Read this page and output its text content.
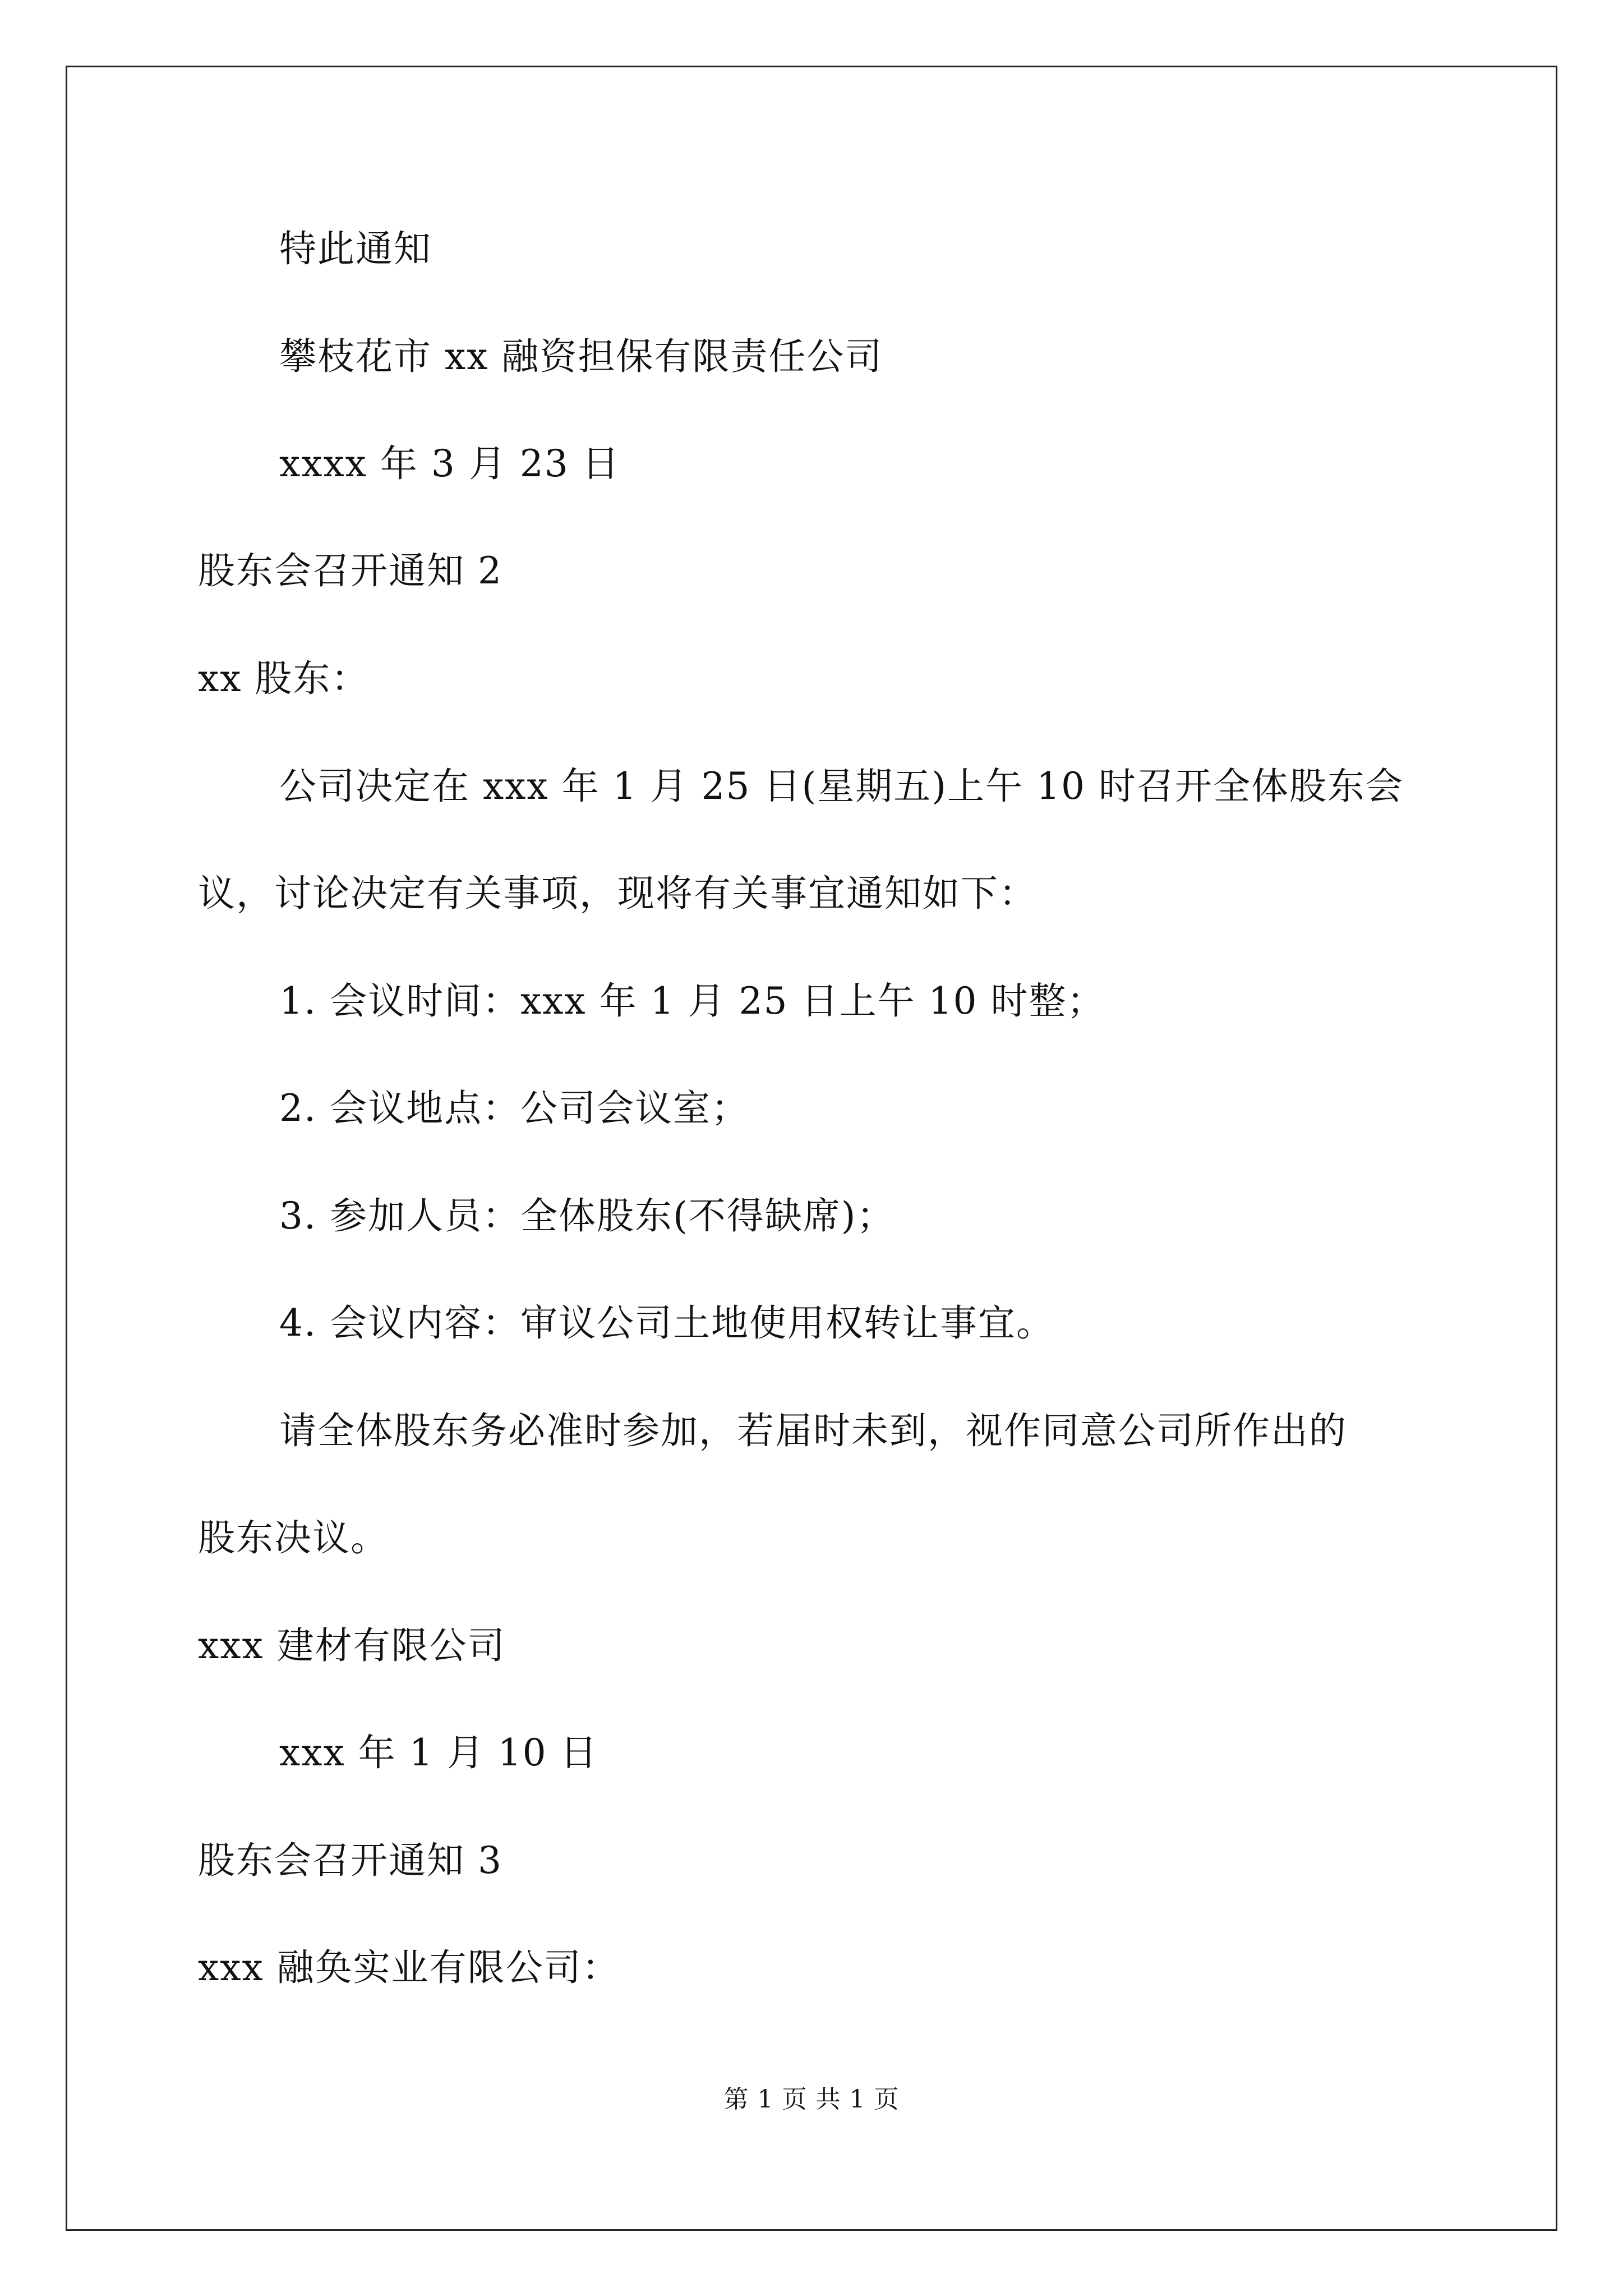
特此通知
攀枝花市 xx 融资担保有限责任公司
xxxx 年 3 月 23 日
股东会召开通知 2
xx 股东：
公司决定在 xxx 年 1 月 25 日(星期五)上午 10 时召开全体股东会
议，讨论决定有关事项，现将有关事宜通知如下：
1. 会议时间：xxx 年 1 月 25 日上午 10 时整；
2. 会议地点：公司会议室；
3. 参加人员：全体股东(不得缺席)；
4. 会议内容：审议公司土地使用权转让事宜。
请全体股东务必准时参加，若届时未到，视作同意公司所作出的
股东决议。
xxx 建材有限公司
xxx 年 1 月 10 日
股东会召开通知 3
xxx 融奂实业有限公司：
第 1 页 共 1 页
